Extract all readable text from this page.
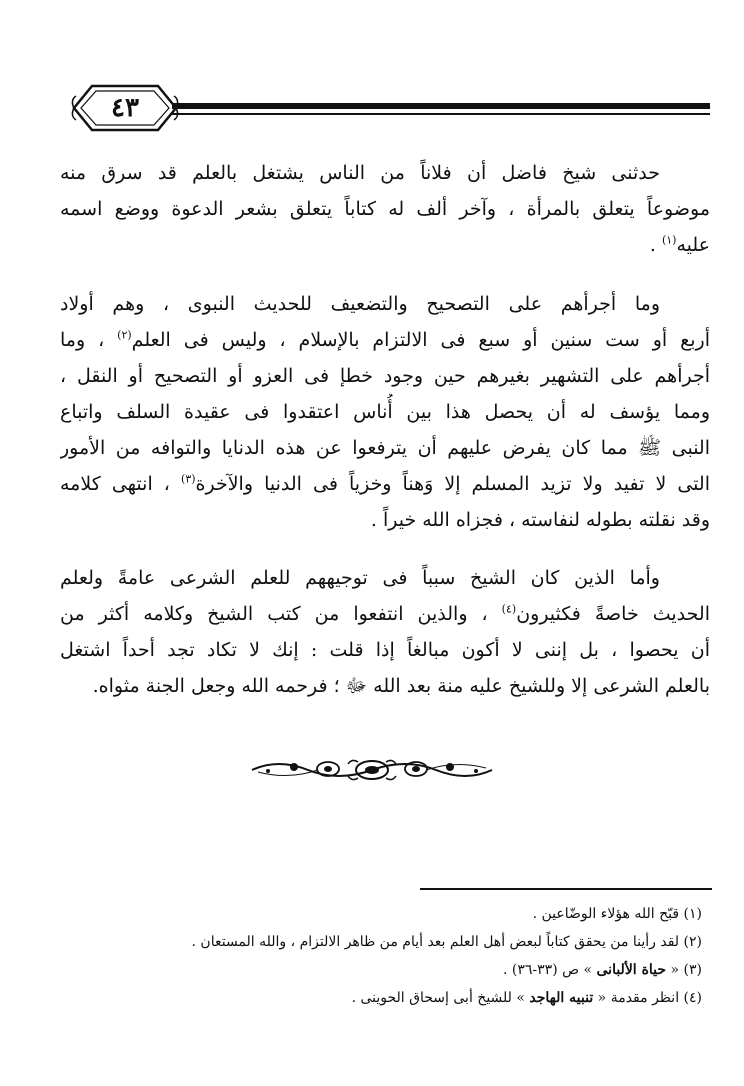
٤٣
حدثنى شيخ فاضل أن فلاناً من الناس يشتغل بالعلم قد سرق منه
موضوعاً يتعلق بالمرأة ، وآخر ألف له كتاباً يتعلق بشعر الدعوة ووضع اسمه
عليه$^{(١)}$ .
وما أجرأهم على التصحيح والتضعيف للحديث النبوى ، وهم أولاد
أربع أو ست سنين أو سبع فى الالتزام بالإسلام ، وليس فى العلم$^{(٢)}$ ، وما
أجرأهم على التشهير بغيرهم حين وجود خطإ فى العزو أو التصحيح أو النقل ،
ومما يؤسف له أن يحصل هذا بين أُناس اعتقدوا فى عقيدة السلف واتباع
النبى ﷺ مما كان يفرض عليهم أن يترفعوا عن هذه الدنايا والتوافه من الأمور
التى لا تفيد ولا تزيد المسلم إلا وَهناً وخزياً فى الدنيا والآخرة$^{(٣)}$ ، انتهى كلامه
وقد نقلته بطوله لنفاسته ، فجزاه الله خيراً .
وأما الذين كان الشيخ سبباً فى توجيههم للعلم الشرعى عامةً ولعلم
الحديث خاصةً فكثيرون$^{(٤)}$ ، والذين انتفعوا من كتب الشيخ وكلامه أكثر من
أن يحصوا ، بل إننى لا أكون مبالغاً إذا قلت : إنك لا تكاد تجد أحداً اشتغل
بالعلم الشرعى إلا وللشيخ عليه منة بعد الله ﷻ ؛ فرحمه الله وجعل الجنة مثواه.
(١) قبّح الله هؤلاء الوضّاعين .
(٢) لقد رأينا من يحقق كتاباً لبعض أهل العلم بعد أيام من ظاهر الالتزام ، والله المستعان .
(٣) « حياة الألبانى » ص (٣٣-٣٦) .
(٤) انظر مقدمة « تنبيه الهاجد » للشيخ أبى إسحاق الحوينى .
